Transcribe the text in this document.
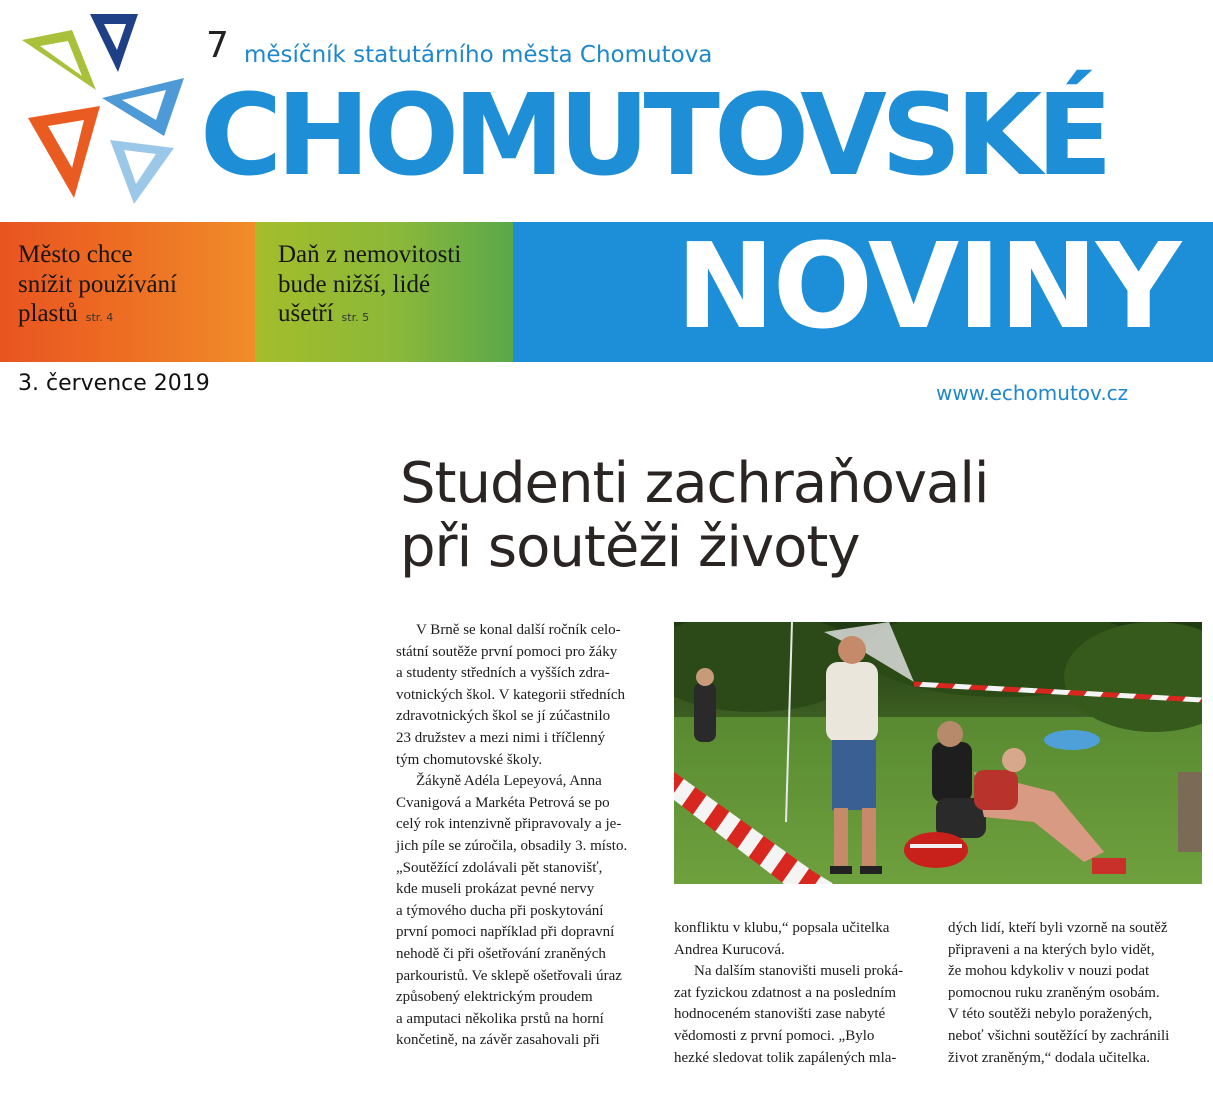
7 měsíčník statutárního města Chomutova
CHOMUTOVSKÉ
Město chce
snížit používání
plastů str. 4
Daň z nemovitosti
bude nižší, lidé
ušetří str. 5	NOVINY
3. července 2019	www.echomutov.cz
Studenti zachraňovali
při soutěži životy
V Brně se konal další ročník celo-
státní soutěže první pomoci pro žáky
a studenty středních a vyšších zdra-
votnických škol. V kategorii středních
zdravotnických škol se jí zúčastnilo
23 družstev a mezi nimi i tříčlenný
tým chomutovské školy.
Žákyně Adéla Lepeyová, Anna
Cvanigová a Markéta Petrová se po
celý rok intenzivně připravovaly a je-
jich píle se zúročila, obsadily 3. místo.
„Soutěžící zdolávali pět stanovišť,
kde museli prokázat pevné nervy
a týmového ducha při poskytování
první pomoci například při dopravní
nehodě či při ošetřování zraněných
parkouristů. Ve sklepě ošetřovali úraz
způsobený elektrickým proudem
a amputaci několika prstů na horní
končetině, na závěr zasahovali při
konfliktu v klubu,“ popsala učitelka
Andrea Kurucová.
Na dalším stanovišti museli proká-
zat fyzickou zdatnost a na posledním
hodnoceném stanovišti zase nabyté
vědomosti z první pomoci. „Bylo
hezké sledovat tolik zapálených mla-
dých lidí, kteří byli vzorně na soutěž
připraveni a na kterých bylo vidět,
že mohou kdykoliv v nouzi podat
pomocnou ruku zraněným osobám.
V této soutěži nebylo poražených,
neboť všichni soutěžící by zachránili
život zraněným,“ dodala učitelka.
